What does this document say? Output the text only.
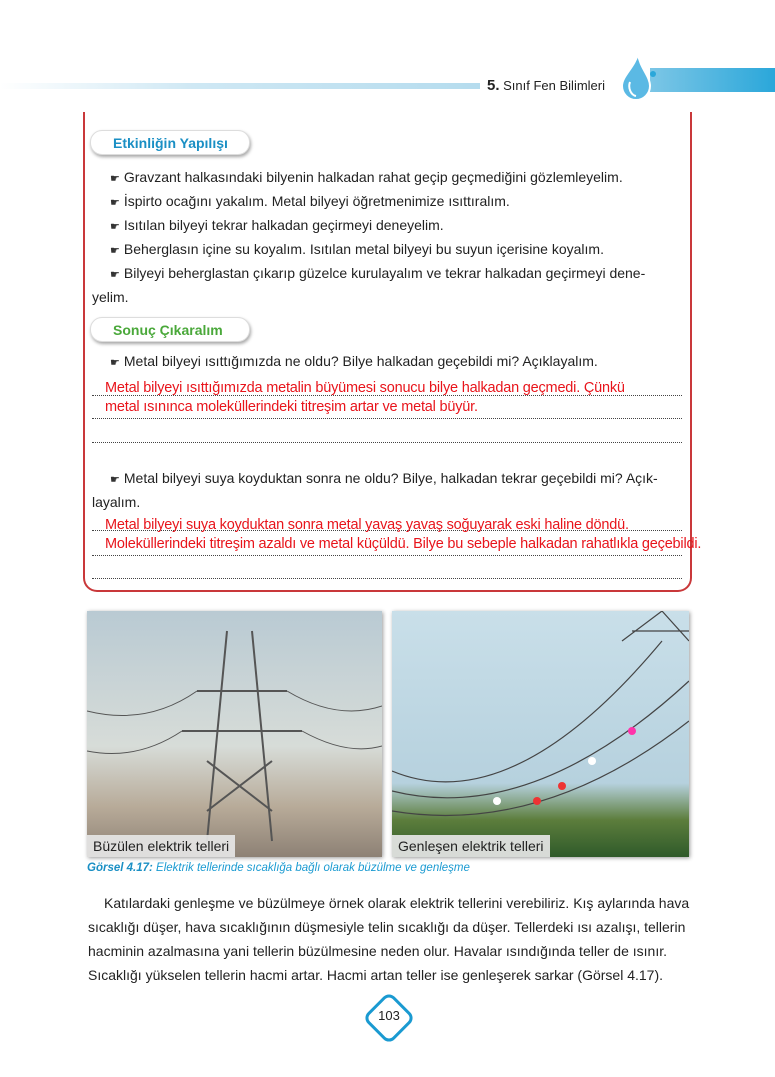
5. Sınıf Fen Bilimleri
Etkinliğin Yapılışı
☛ Gravzant halkasındaki bilyenin halkadan rahat geçip geçmediğini gözlemleyelim.
☛ İspirto ocağını yakalım. Metal bilyeyi öğretmenimize ısıttıralım.
☛ Isıtılan bilyeyi tekrar halkadan geçirmeyi deneyelim.
☛ Beherglasın içine su koyalım. Isıtılan metal bilyeyi bu suyun içerisine koyalım.
☛ Bilyeyi beherglastan çıkarıp güzelce kurulayalım ve tekrar halkadan geçirmeyi dene-
yelim.
Sonuç Çıkaralım
☛ Metal bilyeyi ısıttığımızda ne oldu? Bilye halkadan geçebildi mi? Açıklayalım.
Metal bilyeyi ısıttığımızda metalin büyümesi sonucu bilye halkadan geçmedi. Çünkü
metal ısınınca moleküllerindeki titreşim artar ve metal büyür.
☛ Metal bilyeyi suya koyduktan sonra ne oldu? Bilye, halkadan tekrar geçebildi mi? Açık-
layalım.
Metal bilyeyi suya koyduktan sonra metal yavaş yavaş soğuyarak eski haline döndü.
Moleküllerindeki titreşim azaldı ve metal küçüldü. Bilye bu sebeple halkadan rahatlıkla geçebildi.
Büzülen elektrik telleri	Genleşen elektrik telleri
Görsel 4.17: Elektrik tellerinde sıcaklığa bağlı olarak büzülme ve genleşme
Katılardaki genleşme ve büzülmeye örnek olarak elektrik tellerini verebiliriz. Kış aylarında hava
sıcaklığı düşer, hava sıcaklığının düşmesiyle telin sıcaklığı da düşer. Tellerdeki ısı azalışı, tellerin
hacminin azalmasına yani tellerin büzülmesine neden olur. Havalar ısındığında teller de ısınır.
Sıcaklığı yükselen tellerin hacmi artar. Hacmi artan teller ise genleşerek sarkar (Görsel 4.17).
103
